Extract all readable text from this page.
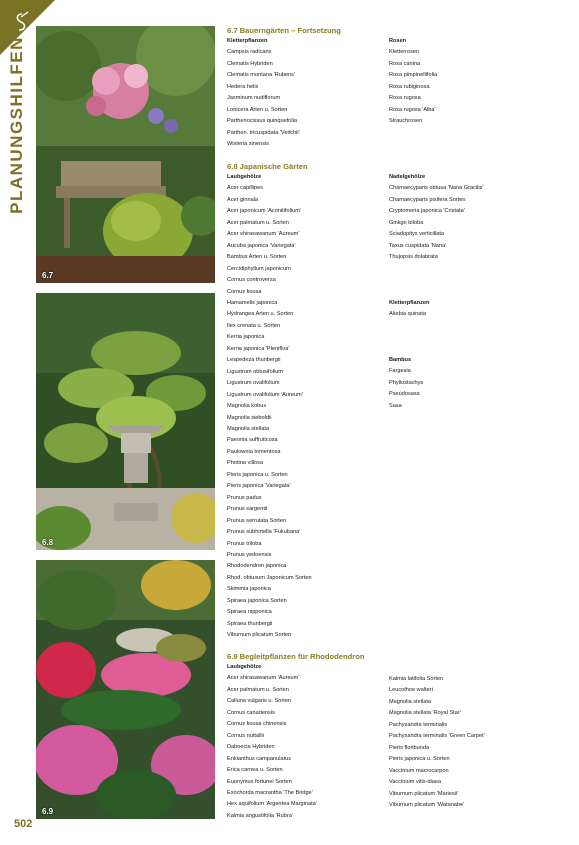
PLANUNGSHILFEN
6.7
6.8
6.9
6.7 Bauerngärten – Fortsetzung
Kletterpflanzen
Campsis radicans
Clematis Hybriden
Clematis montana 'Rubens'
Hedera helix
Jasminum nudiflorum
Lonicera Arten u. Sorten
Parthenocissus quinquefolia
Parthen. tricuspidata 'Veitchii'
Wisteria sinensis
Rosen
Kletterrosen
Rosa canina
Rosa pimpinellifolia
Rosa rubiginosa
Rosa rugosa
Rosa rugosa 'Alba'
Strauchrosen
6.8 Japanische Gärten
Laubgehölze
Acer capillipes
Acer ginnala
Acer japonicum 'Aconitifolium'
Acer palmatum u. Sorten
Acer shirasawanum 'Aureum'
Aucuba japonica 'Variegata'
Bambus Arten u. Sorten
Cercidiphyllum japonicum
Cornus controversa
Cornus kousa
Hamamelis japonica
Hydrangea Arten u. Sorten
Ilex crenata u. Sorten
Kerria japonica
Kerria japonica 'Plenifloa'
Lespedeza thunbergii
Ligustrum obtusifolium
Ligustrum ovalifolium
Ligustrum ovalifolium 'Aureum'
Magnolia kobus
Magnolia sieboldii
Magnolia stellata
Paeonia suffruticosa
Paulownia tomentosa
Photina villosa
Pieris japonica u. Sorten
Pieris japonica 'Variegata'
Prunus padus
Prunus sargentii
Prunus serrulata Sorten
Prunus subhirtella 'Fukubana'
Prunus triloba
Prunus yedoensis
Rhododendron japonica
Rhod. obtusum Japonicum Sorten
Skimmia japonica
Spiraea japonica Sorten
Spiraea nipponica
Spiraea thunbergii
Viburnum plicatum Sorten
Nadelgehölze
Chamaecyparis obtusa 'Nana Gracilis'
Chamaecyparis pisifera Sorten
Cryptomeria japonica 'Cristata'
Ginkgo biloba
Sciadopitys verticillata
Taxus cuspidata 'Nana'
Thujopsis dolabrata
Kletterpflanzen
Akebia quinata
Bambus
Fargesia
Phyllostachys
Pseudosasa
Sasa
6.9 Begleitpflanzen für Rhododendron
Laubgehölze
Acer shirasawanum 'Aureum'
Acer palmatum u. Sorten
Calluna vulgaris u. Sorten
Cornus canadensis
Cornus kousa chinensis
Cornus nuttallii
Daboecia Hybriden
Enkianthus campanulatus
Erica carnea u. Sorten
Euonymus fortunei Sorten
Exochorda macrantha 'The Bridge'
Hex aquifolium 'Argentea Marginata'
Kalmia angustifolia 'Rubra'
Kalmia latifolia Sorten
Leucothoe walteri
Magnolia stellata
Magnolia stellata 'Royal Star'
Pachysandra terminalis
Pachysandra terminalis 'Green Carpet'
Pieris floribunda
Pieris japonica u. Sorten
Vaccinium macrocarpon
Vaccinium vitis-idaea
Viburnum plicatum 'Mariesii'
Viburnum plicatum 'Watanabe'
502
